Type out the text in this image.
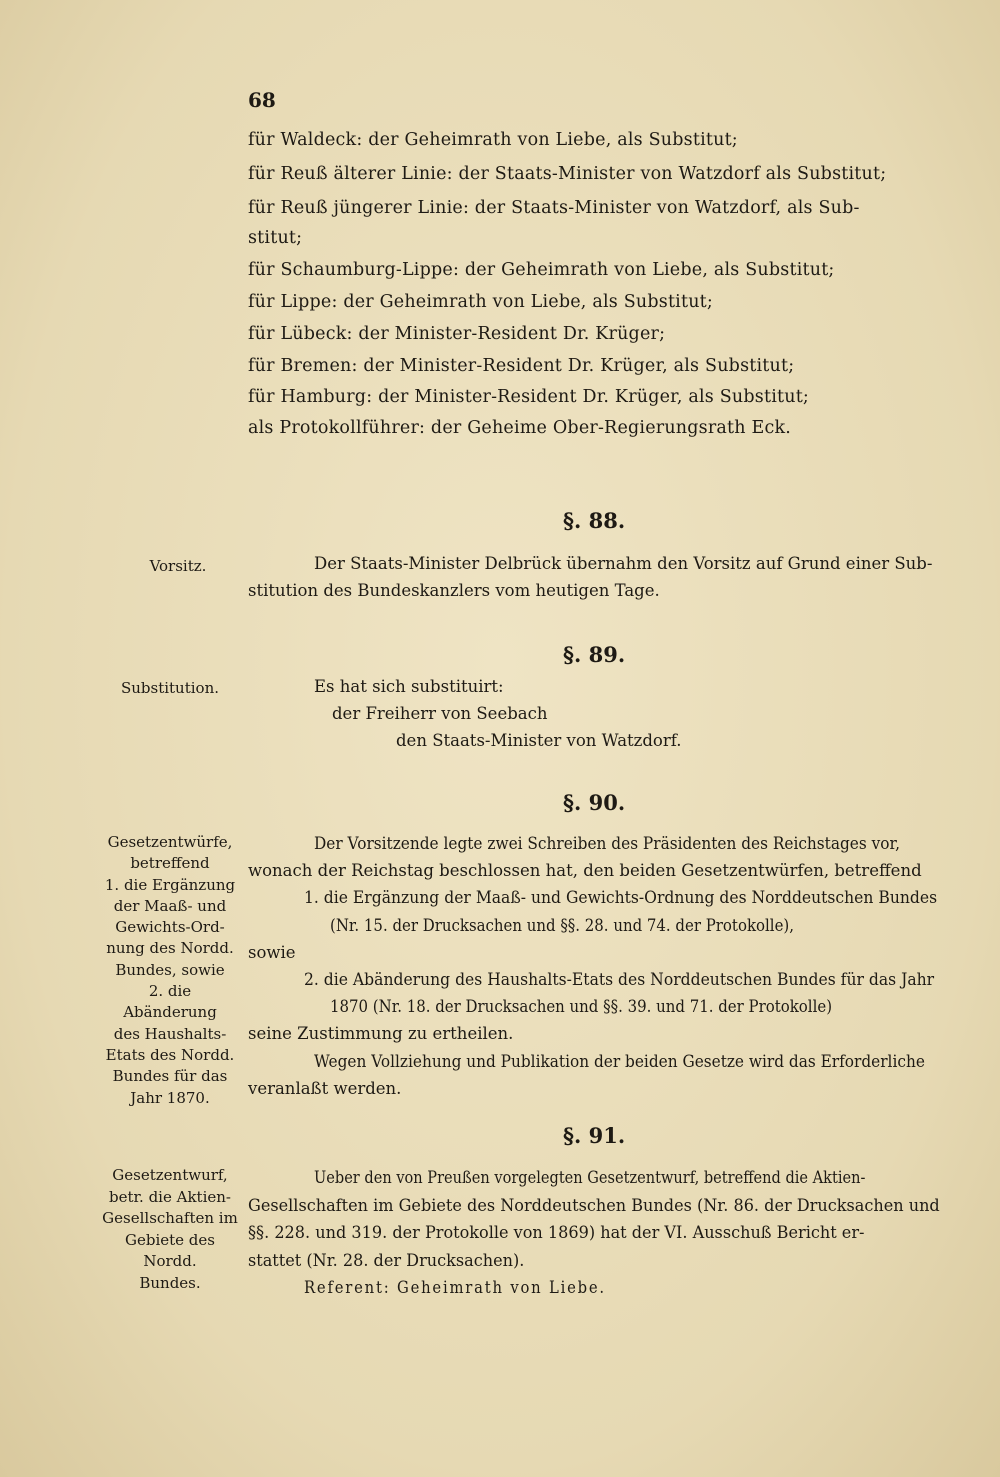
68
für Waldeck: der Geheimrath von Liebe, als Substitut;
für Reuß älterer Linie: der Staats-Minister von Watzdorf als Substitut;
für Reuß jüngerer Linie: der Staats-Minister von Watzdorf, als Sub-
stitut;
für Schaumburg-Lippe: der Geheimrath von Liebe, als Substitut;
für Lippe: der Geheimrath von Liebe, als Substitut;
für Lübeck: der Minister-Resident Dr. Krüger;
für Bremen: der Minister-Resident Dr. Krüger, als Substitut;
für Hamburg: der Minister-Resident Dr. Krüger, als Substitut;
als Protokollführer: der Geheime Ober-Regierungsrath Eck.
§. 88.
Vorsitz.	Der Staats-Minister Delbrück übernahm den Vorsitz auf Grund einer Sub-
stitution des Bundeskanzlers vom heutigen Tage.
§. 89.
Substitution.	Es hat sich substituirt:
der Freiherr von Seebach
den Staats-Minister von Watzdorf.
§. 90.
Gesetzentwürfe,
betreffend
1. die Ergänzung
der Maaß- und
Gewichts-Ord-
nung des Nordd.
Bundes, sowie
2. die Abänderung
des Haushalts-
Etats des Nordd.
Bundes für das
Jahr 1870.
Der Vorsitzende legte zwei Schreiben des Präsidenten des Reichstages vor,
wonach der Reichstag beschlossen hat, den beiden Gesetzentwürfen, betreffend
1. die Ergänzung der Maaß- und Gewichts-Ordnung des Norddeutschen Bundes
(Nr. 15. der Drucksachen und §§. 28. und 74. der Protokolle),
sowie
2. die Abänderung des Haushalts-Etats des Norddeutschen Bundes für das Jahr
1870 (Nr. 18. der Drucksachen und §§. 39. und 71. der Protokolle)
seine Zustimmung zu ertheilen.
Wegen Vollziehung und Publikation der beiden Gesetze wird das Erforderliche
veranlaßt werden.
§. 91.
Gesetzentwurf,
betr. die Aktien-
Gesellschaften im
Gebiete des Nordd.
Bundes.
Ueber den von Preußen vorgelegten Gesetzentwurf, betreffend die Aktien-
Gesellschaften im Gebiete des Norddeutschen Bundes (Nr. 86. der Drucksachen und
§§. 228. und 319. der Protokolle von 1869) hat der VI. Ausschuß Bericht er-
stattet (Nr. 28. der Drucksachen).
Referent: Geheimrath von Liebe.
